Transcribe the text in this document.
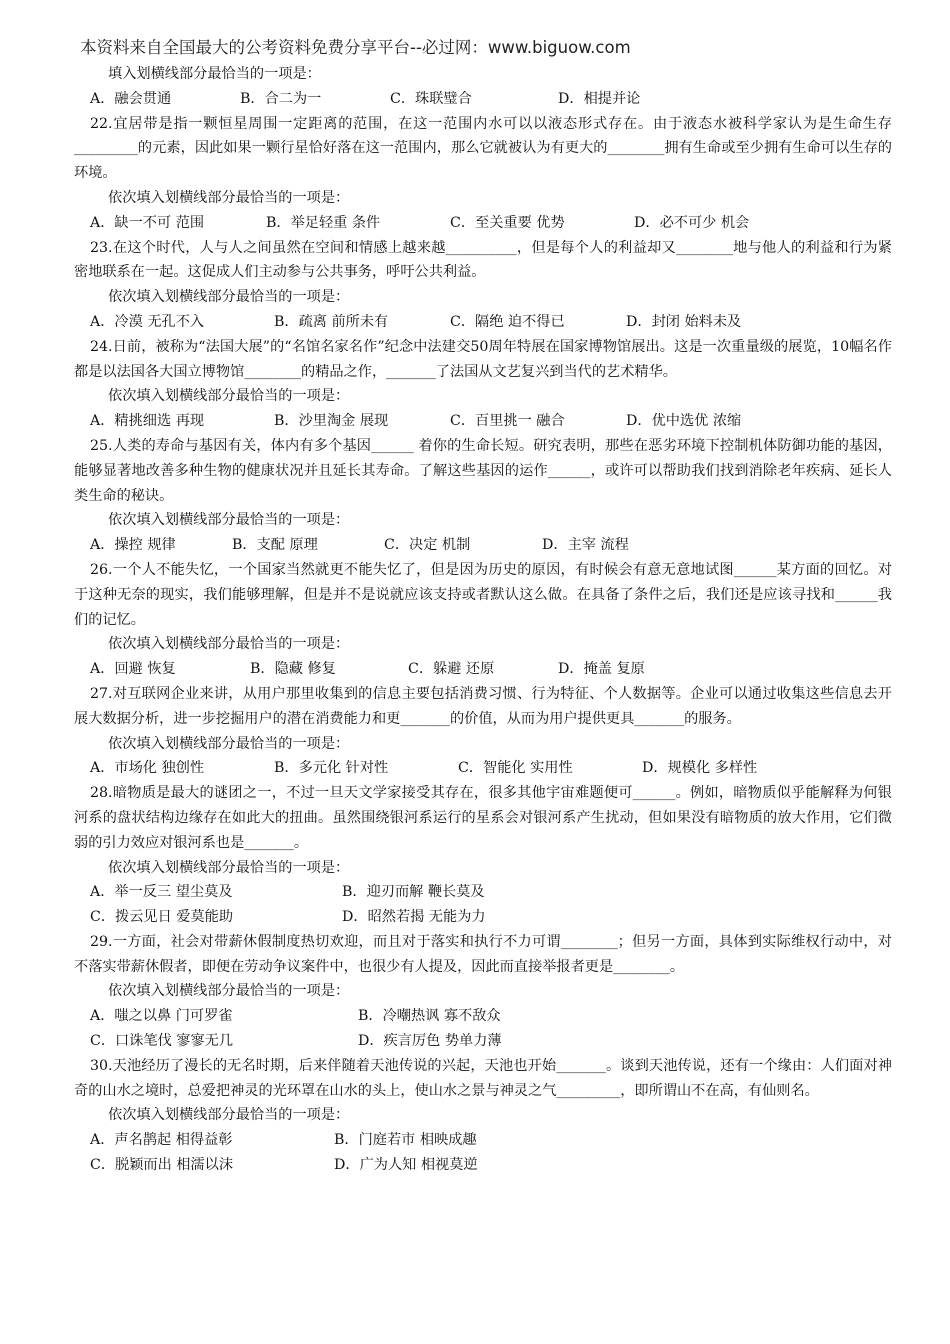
本资料来自全国最大的公考资料免费分享平台--必过网：www.biguow.com

填入划横线部分最恰当的一项是：

A．融会贯通	B．合二为一	C．珠联璧合	D．相提并论

22.宜居带是指一颗恒星周围一定距离的范围，在这一范围内水可以以液态形式存在。由于液态水被科学家认为是生命生存_________的元素，因此如果一颗行星恰好落在这一范围内，那么它就被认为有更大的________拥有生命或至少拥有生命可以生存的环境。

依次填入划横线部分最恰当的一项是：

A．缺一不可 范围	B．举足轻重 条件	C．至关重要 优势	D．必不可少 机会

23.在这个时代，人与人之间虽然在空间和情感上越来越__________，但是每个人的利益却又________地与他人的利益和行为紧密地联系在一起。这促成人们主动参与公共事务，呼吁公共利益。

依次填入划横线部分最恰当的一项是：

A．冷漠 无孔不入	B．疏离 前所未有	C．隔绝 迫不得已	D．封闭 始料未及

24.日前，被称为“法国大展”的“名馆名家名作”纪念中法建交50周年特展在国家博物馆展出。这是一次重量级的展览，10幅名作都是以法国各大国立博物馆________的精品之作，_______了法国从文艺复兴到当代的艺术精华。

依次填入划横线部分最恰当的一项是：

A．精挑细选 再现	B．沙里淘金 展现	C．百里挑一 融合	D．优中选优 浓缩

25.人类的寿命与基因有关，体内有多个基因______ 着你的生命长短。研究表明，那些在恶劣环境下控制机体防御功能的基因，能够显著地改善多种生物的健康状况并且延长其寿命。了解这些基因的运作______，或许可以帮助我们找到消除老年疾病、延长人类生命的秘诀。

依次填入划横线部分最恰当的一项是：

A．操控 规律	B．支配 原理	C．决定 机制	D．主宰 流程

26.一个人不能失忆，一个国家当然就更不能失忆了，但是因为历史的原因，有时候会有意无意地试图______某方面的回忆。对于这种无奈的现实，我们能够理解，但是并不是说就应该支持或者默认这么做。在具备了条件之后，我们还是应该寻找和______我们的记忆。

依次填入划横线部分最恰当的一项是：

A．回避 恢复	B．隐藏 修复	C．躲避 还原	D．掩盖 复原

27.对互联网企业来讲，从用户那里收集到的信息主要包括消费习惯、行为特征、个人数据等。企业可以通过收集这些信息去开展大数据分析，进一步挖掘用户的潜在消费能力和更_______的价值，从而为用户提供更具_______的服务。

依次填入划横线部分最恰当的一项是：

A．市场化 独创性	B．多元化 针对性	C．智能化 实用性	D．规模化 多样性

28.暗物质是最大的谜团之一，不过一旦天文学家接受其存在，很多其他宇宙难题便可______。例如，暗物质似乎能解释为何银河系的盘状结构边缘存在如此大的扭曲。虽然围绕银河系运行的星系会对银河系产生扰动，但如果没有暗物质的放大作用，它们微弱的引力效应对银河系也是_______。

依次填入划横线部分最恰当的一项是：

A．举一反三 望尘莫及	B．迎刃而解 鞭长莫及
C．拨云见日 爱莫能助	D．昭然若揭 无能为力

29.一方面，社会对带薪休假制度热切欢迎，而且对于落实和执行不力可谓________；但另一方面，具体到实际维权行动中，对不落实带薪休假者，即便在劳动争议案件中，也很少有人提及，因此而直接举报者更是________。

依次填入划横线部分最恰当的一项是：

A．嗤之以鼻 门可罗雀	B．冷嘲热讽 寡不敌众
C．口诛笔伐 寥寥无几	D．疾言厉色 势单力薄

30.天池经历了漫长的无名时期，后来伴随着天池传说的兴起，天池也开始_______。谈到天池传说，还有一个缘由：人们面对神奇的山水之境时，总爱把神灵的光环罩在山水的头上，使山水之景与神灵之气_________，即所谓山不在高，有仙则名。

依次填入划横线部分最恰当的一项是：

A．声名鹊起 相得益彰	B．门庭若市 相映成趣
C．脱颖而出 相濡以沫	D．广为人知 相视莫逆
